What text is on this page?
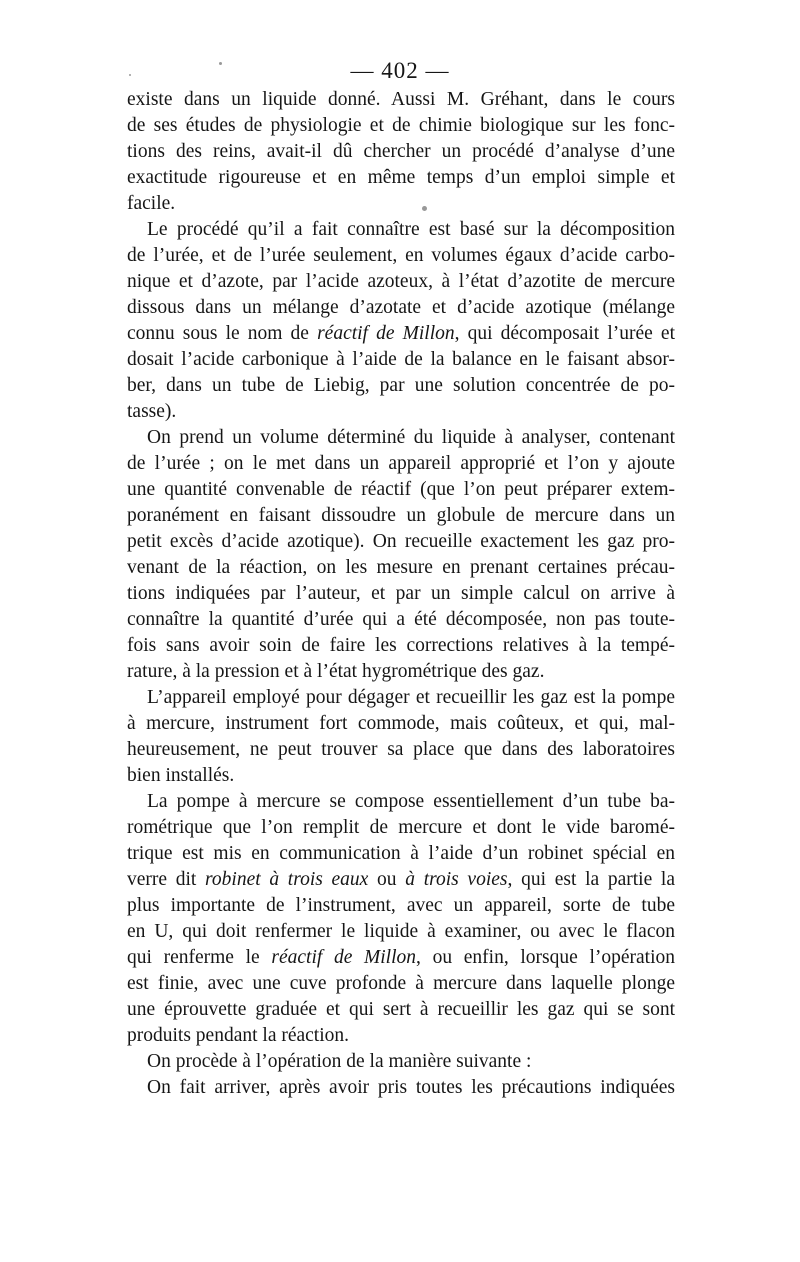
— 402 —
existe dans un liquide donné. Aussi M. Gréhant, dans le cours
de ses études de physiologie et de chimie biologique sur les fonc-
tions des reins, avait-il dû chercher un procédé d’analyse d’une
exactitude rigoureuse et en même temps d’un emploi simple et
facile.
Le procédé qu’il a fait connaître est basé sur la décomposition
de l’urée, et de l’urée seulement, en volumes égaux d’acide carbo-
nique et d’azote, par l’acide azoteux, à l’état d’azotite de mercure
dissous dans un mélange d’azotate et d’acide azotique (mélange
connu sous le nom de réactif de Millon, qui décomposait l’urée et
dosait l’acide carbonique à l’aide de la balance en le faisant absor-
ber, dans un tube de Liebig, par une solution concentrée de po-
tasse).
On prend un volume déterminé du liquide à analyser, contenant
de l’urée ; on le met dans un appareil approprié et l’on y ajoute
une quantité convenable de réactif (que l’on peut préparer extem-
poranément en faisant dissoudre un globule de mercure dans un
petit excès d’acide azotique). On recueille exactement les gaz pro-
venant de la réaction, on les mesure en prenant certaines précau-
tions indiquées par l’auteur, et par un simple calcul on arrive à
connaître la quantité d’urée qui a été décomposée, non pas toute-
fois sans avoir soin de faire les corrections relatives à la tempé-
rature, à la pression et à l’état hygrométrique des gaz.
L’appareil employé pour dégager et recueillir les gaz est la pompe
à mercure, instrument fort commode, mais coûteux, et qui, mal-
heureusement, ne peut trouver sa place que dans des laboratoires
bien installés.
La pompe à mercure se compose essentiellement d’un tube ba-
rométrique que l’on remplit de mercure et dont le vide baromé-
trique est mis en communication à l’aide d’un robinet spécial en
verre dit robinet à trois eaux ou à trois voies, qui est la partie la
plus importante de l’instrument, avec un appareil, sorte de tube
en U, qui doit renfermer le liquide à examiner, ou avec le flacon
qui renferme le réactif de Millon, ou enfin, lorsque l’opération
est finie, avec une cuve profonde à mercure dans laquelle plonge
une éprouvette graduée et qui sert à recueillir les gaz qui se sont
produits pendant la réaction.
On procède à l’opération de la manière suivante :
On fait arriver, après avoir pris toutes les précautions indiquées
